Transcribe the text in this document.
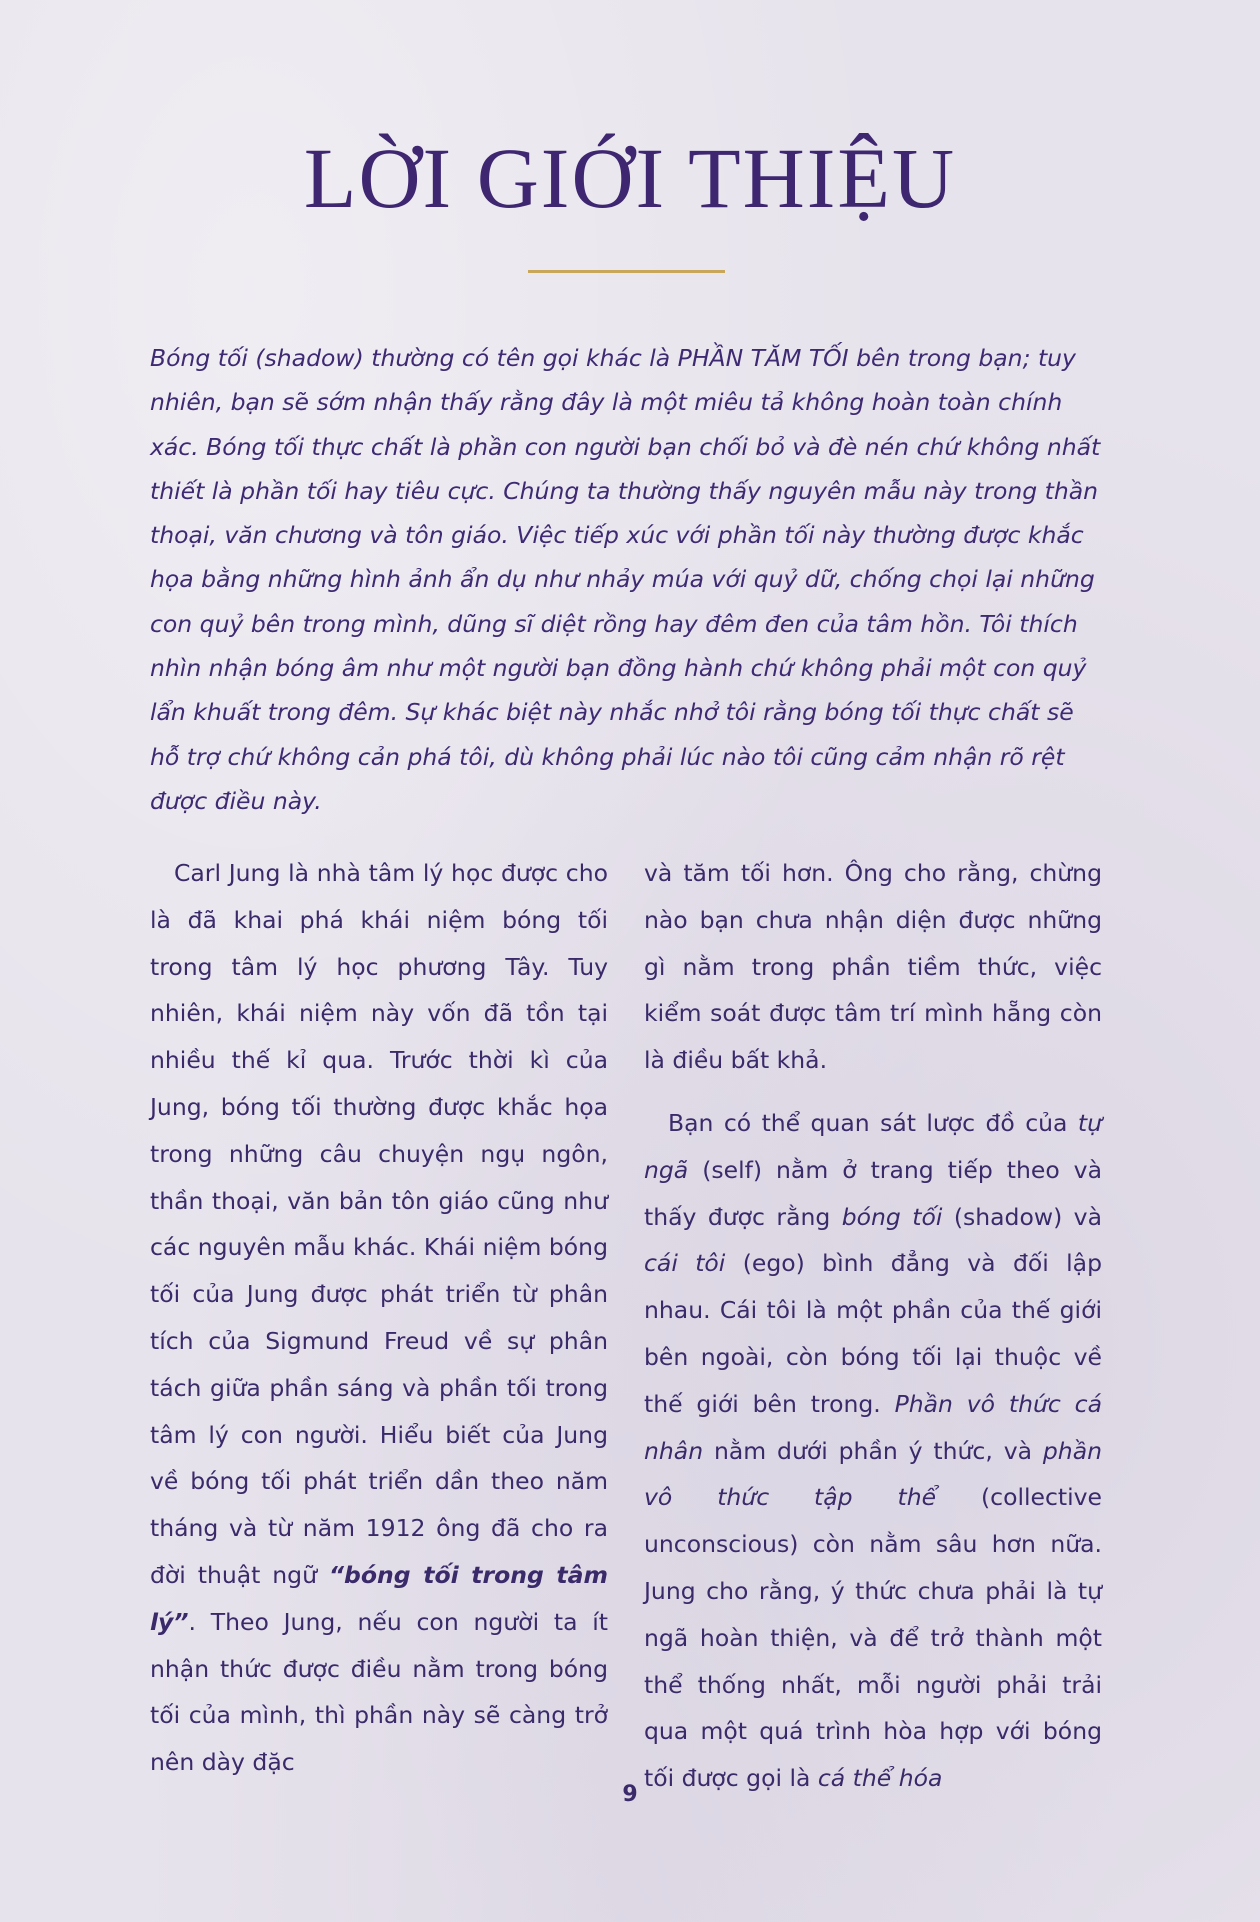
LỜI GIỚI THIỆU

Bóng tối (shadow) thường có tên gọi khác là PHẦN TĂM TỐI bên trong bạn; tuy nhiên, bạn sẽ sớm nhận thấy rằng đây là một miêu tả không hoàn toàn chính xác. Bóng tối thực chất là phần con người bạn chối bỏ và đè nén chứ không nhất thiết là phần tối hay tiêu cực. Chúng ta thường thấy nguyên mẫu này trong thần thoại, văn chương và tôn giáo. Việc tiếp xúc với phần tối này thường được khắc họa bằng những hình ảnh ẩn dụ như nhảy múa với quỷ dữ, chống chọi lại những con quỷ bên trong mình, dũng sĩ diệt rồng hay đêm đen của tâm hồn. Tôi thích nhìn nhận bóng âm như một người bạn đồng hành chứ không phải một con quỷ lẩn khuất trong đêm. Sự khác biệt này nhắc nhở tôi rằng bóng tối thực chất sẽ hỗ trợ chứ không cản phá tôi, dù không phải lúc nào tôi cũng cảm nhận rõ rệt được điều này.

Carl Jung là nhà tâm lý học được cho là đã khai phá khái niệm bóng tối trong tâm lý học phương Tây. Tuy nhiên, khái niệm này vốn đã tồn tại nhiều thế kỉ qua. Trước thời kì của Jung, bóng tối thường được khắc họa trong những câu chuyện ngụ ngôn, thần thoại, văn bản tôn giáo cũng như các nguyên mẫu khác. Khái niệm bóng tối của Jung được phát triển từ phân tích của Sigmund Freud về sự phân tách giữa phần sáng và phần tối trong tâm lý con người. Hiểu biết của Jung về bóng tối phát triển dần theo năm tháng và từ năm 1912 ông đã cho ra đời thuật ngữ “bóng tối trong tâm lý”. Theo Jung, nếu con người ta ít nhận thức được điều nằm trong bóng tối của mình, thì phần này sẽ càng trở nên dày đặc

và tăm tối hơn. Ông cho rằng, chừng nào bạn chưa nhận diện được những gì nằm trong phần tiềm thức, việc kiểm soát được tâm trí mình hẵng còn là điều bất khả.

Bạn có thể quan sát lược đồ của tự ngã (self) nằm ở trang tiếp theo và thấy được rằng bóng tối (shadow) và cái tôi (ego) bình đẳng và đối lập nhau. Cái tôi là một phần của thế giới bên ngoài, còn bóng tối lại thuộc về thế giới bên trong. Phần vô thức cá nhân nằm dưới phần ý thức, và phần vô thức tập thể (collective unconscious) còn nằm sâu hơn nữa. Jung cho rằng, ý thức chưa phải là tự ngã hoàn thiện, và để trở thành một thể thống nhất, mỗi người phải trải qua một quá trình hòa hợp với bóng tối được gọi là cá thể hóa

9
